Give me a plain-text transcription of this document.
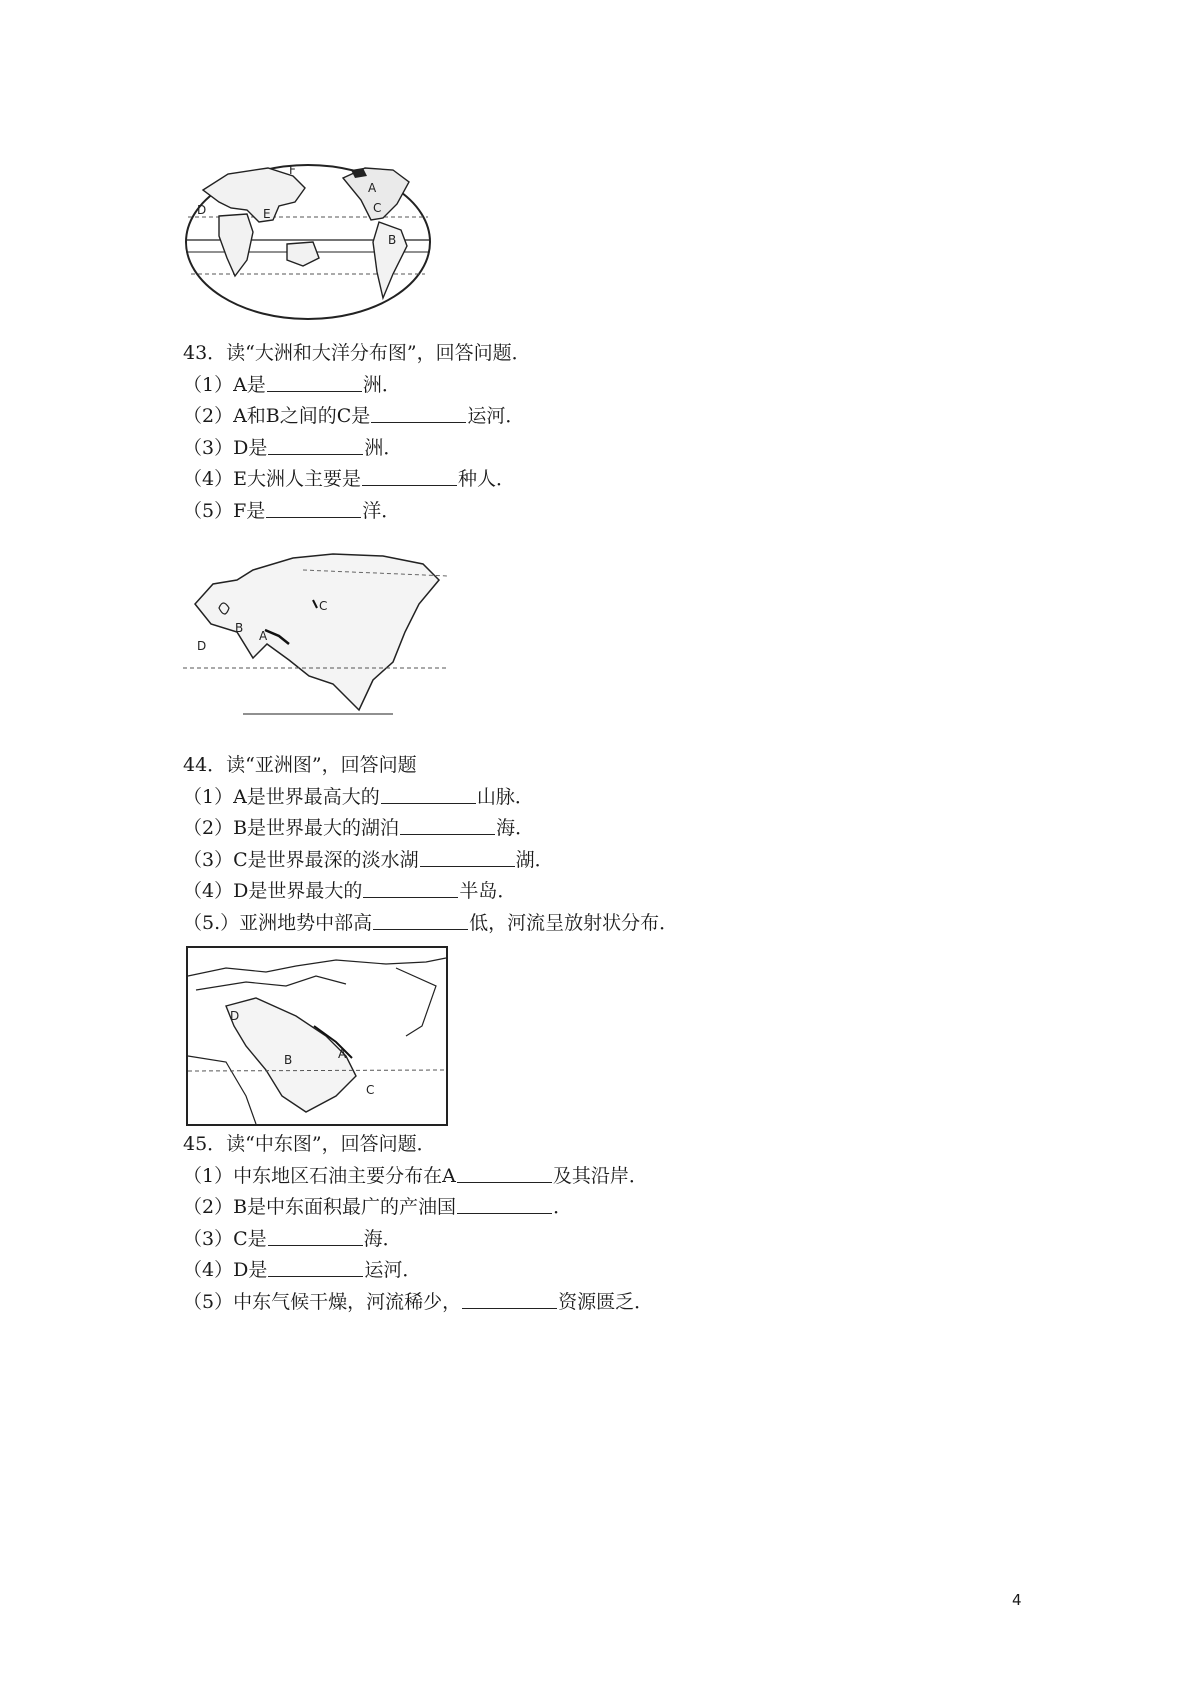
F
A
C
D	E
B
43．读“大洲和大洋分布图”，回答问题．
（1）A是	洲．
（2）A和B之间的C是	运河．
（3）D是	洲．
（4）E大洲人主要是	种人．
（5）F是	洋．
B
A
C
D
44．读“亚洲图”，回答问题
（1）A是世界最高大的	山脉．
（2）B是世界最大的湖泊	海．
（3）C是世界最深的淡水湖	湖．
（4）D是世界最大的	半岛．
（5.）亚洲地势中部高	低，河流呈放射状分布．
D
A
B
C
45．读“中东图”，回答问题．
（1）中东地区石油主要分布在A	及其沿岸．
（2）B是中东面积最广的产油国	．
（3）C是	海．
（4）D是	运河．
（5）中东气候干燥，河流稀少，	资源匮乏．
4
